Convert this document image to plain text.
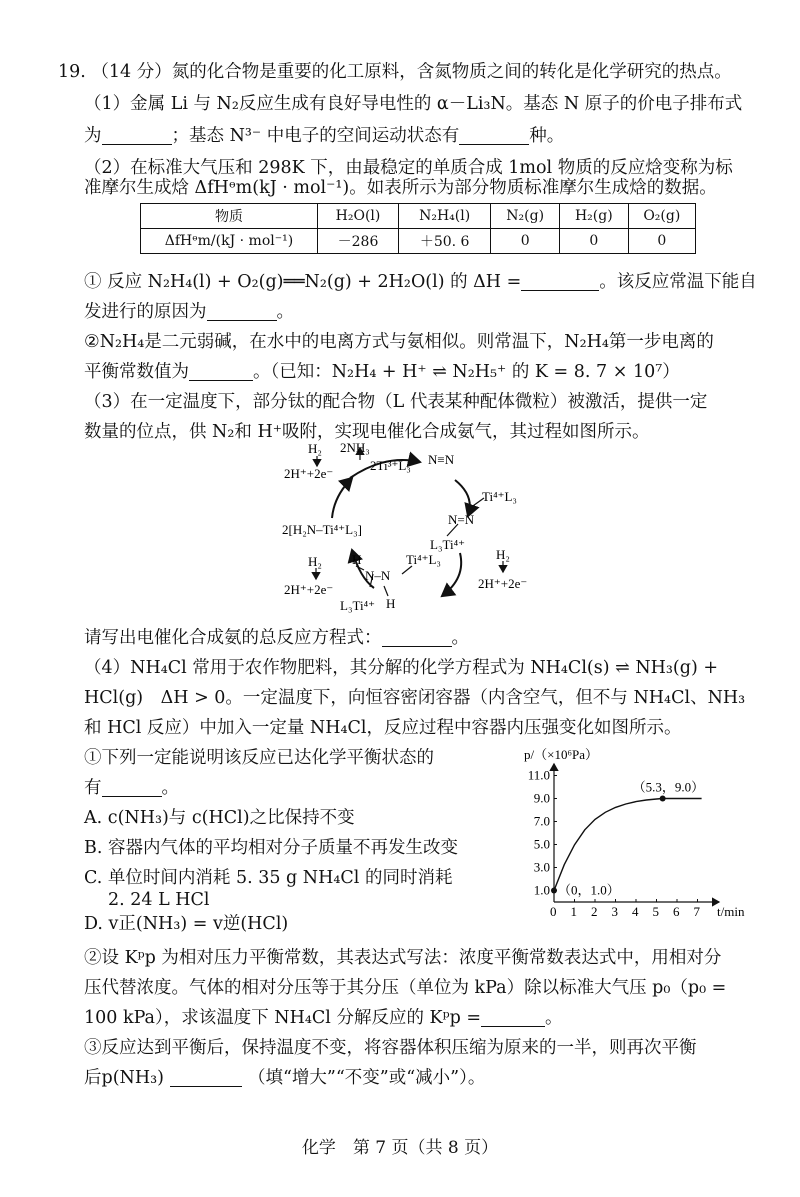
19. （14 分）氮的化合物是重要的化工原料，含氮物质之间的转化是化学研究的热点。
（1）金属 Li 与 N₂反应生成有良好导电性的 α－Li₃N。基态 N 原子的价电子排布式
为	；基态 N³⁻ 中电子的空间运动状态有	种。
（2）在标准大气压和 298K 下，由最稳定的单质合成 1mol 物质的反应焓变称为标
准摩尔生成焓 ΔfHᶱm(kJ · mol⁻¹)。如表所示为部分物质标准摩尔生成焓的数据。
物质	H₂O(l)	N₂H₄(l)	N₂(g)	H₂(g)	O₂(g)
ΔfHᶱm/(kJ · mol⁻¹)	－286	＋50. 6	0	0	0
① 反应 N₂H₄(l) + O₂(g)══N₂(g) + 2H₂O(l) 的 ΔH =	。该反应常温下能自
发进行的原因为	。
②N₂H₄是二元弱碱，在水中的电离方式与氨相似。则常温下，N₂H₄第一步电离的
平衡常数值为	。（已知：N₂H₄ + H⁺ ⇌ N₂H₅⁺ 的 K = 8. 7 × 10⁷）
（3）在一定温度下，部分钛的配合物（L 代表某种配体微粒）被激活，提供一定
数量的位点，供 N₂和 H⁺吸附，实现电催化合成氨气，其过程如图所示。
2Ti³⁺L₃ N≡N
Ti⁴⁺L₃
N=N
L₃Ti⁴⁺
H₂
2H⁺+2e⁻
Ti⁴⁺L₃
H
N–N
H
L₃Ti⁴⁺
H₂
2H⁺+2e⁻
2[H₂N–Ti⁴⁺L₃]
H₂ 2NH₃
2H⁺+2e⁻
请写出电催化合成氨的总反应方程式：	。
（4）NH₄Cl 常用于农作物肥料，其分解的化学方程式为 NH₄Cl(s) ⇌ NH₃(g) +
HCl(g)　ΔH > 0。一定温度下，向恒容密闭容器（内含空气，但不与 NH₄Cl、NH₃
和 HCl 反应）中加入一定量 NH₄Cl，反应过程中容器内压强变化如图所示。
①下列一定能说明该反应已达化学平衡状态的
有	。
A. c(NH₃)与 c(HCl)之比保持不变
B. 容器内气体的平均相对分子质量不再发生改变
C. 单位时间内消耗 5. 35 g NH₄Cl 的同时消耗
2. 24 L HCl
D. v正(NH₃) = v逆(HCl)
p/（×10⁶Pa）
t/min
0 1 2 3 4 5 6 7
1.0
3.0
5.0
7.0
9.0
11.0
（0，1.0）
（5.3，9.0）
②设 Kᵖp 为相对压力平衡常数，其表达式写法：浓度平衡常数表达式中，用相对分
压代替浓度。气体的相对分压等于其分压（单位为 kPa）除以标准大气压 p₀（p₀ =
100 kPa），求该温度下 NH₄Cl 分解反应的 Kᵖp =	。
③反应达到平衡后，保持温度不变，将容器体积压缩为原来的一半，则再次平衡
后p(NH₃)	（填“增大”“不变”或“减小”）。
化学　第 7 页（共 8 页）
